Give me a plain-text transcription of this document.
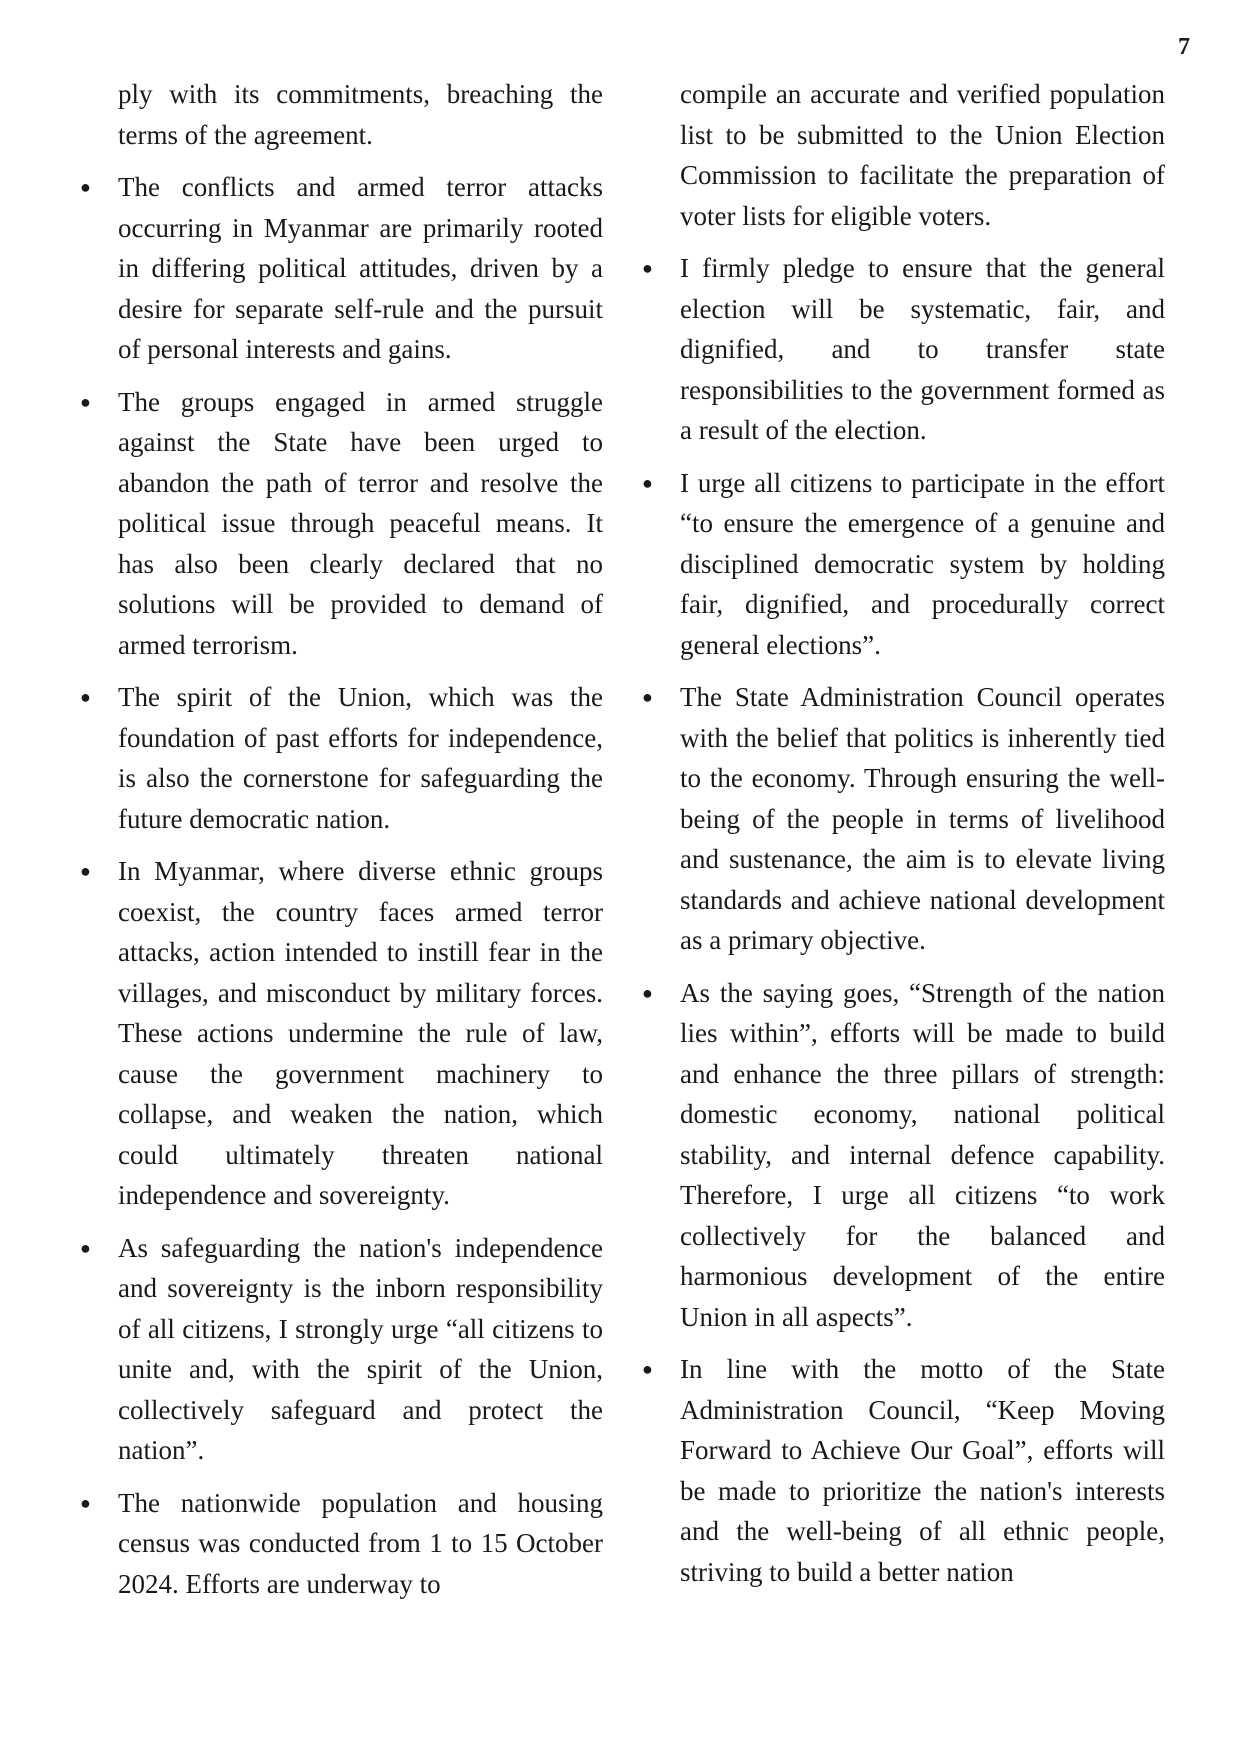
7

ply with its commitments, breaching the terms of the agreement.

● The conflicts and armed terror attacks occurring in Myanmar are primarily rooted in differing political attitudes, driven by a desire for separate self-rule and the pursuit of personal interests and gains.
● The groups engaged in armed struggle against the State have been urged to abandon the path of terror and resolve the political issue through peaceful means. It has also been clearly declared that no solutions will be provided to demand of armed terrorism.
● The spirit of the Union, which was the foundation of past efforts for independence, is also the cornerstone for safeguarding the future democratic nation.
● In Myanmar, where diverse ethnic groups coexist, the country faces armed terror attacks, action intended to instill fear in the villages, and misconduct by military forces. These actions undermine the rule of law, cause the government machinery to collapse, and weaken the nation, which could ultimately threaten national independence and sovereignty.
● As safeguarding the nation's independence and sovereignty is the inborn responsibility of all citizens, I strongly urge “all citizens to unite and, with the spirit of the Union, collectively safeguard and protect the nation”.
● The nationwide population and housing census was conducted from 1 to 15 October 2024. Efforts are underway to

compile an accurate and verified population list to be submitted to the Union Election Commission to facilitate the preparation of voter lists for eligible voters.

● I firmly pledge to ensure that the general election will be systematic, fair, and dignified, and to transfer state responsibilities to the government formed as a result of the election.
● I urge all citizens to participate in the effort “to ensure the emergence of a genuine and disciplined democratic system by holding fair, dignified, and procedurally correct general elections”.
● The State Administration Council operates with the belief that politics is inherently tied to the economy. Through ensuring the well-being of the people in terms of livelihood and sustenance, the aim is to elevate living standards and achieve national development as a primary objective.
● As the saying goes, “Strength of the nation lies within”, efforts will be made to build and enhance the three pillars of strength: domestic economy, national political stability, and internal defence capability. Therefore, I urge all citizens “to work collectively for the balanced and harmonious development of the entire Union in all aspects”.
● In line with the motto of the State Administration Council, “Keep Moving Forward to Achieve Our Goal”, efforts will be made to prioritize the nation's interests and the well-being of all ethnic people, striving to build a better nation
